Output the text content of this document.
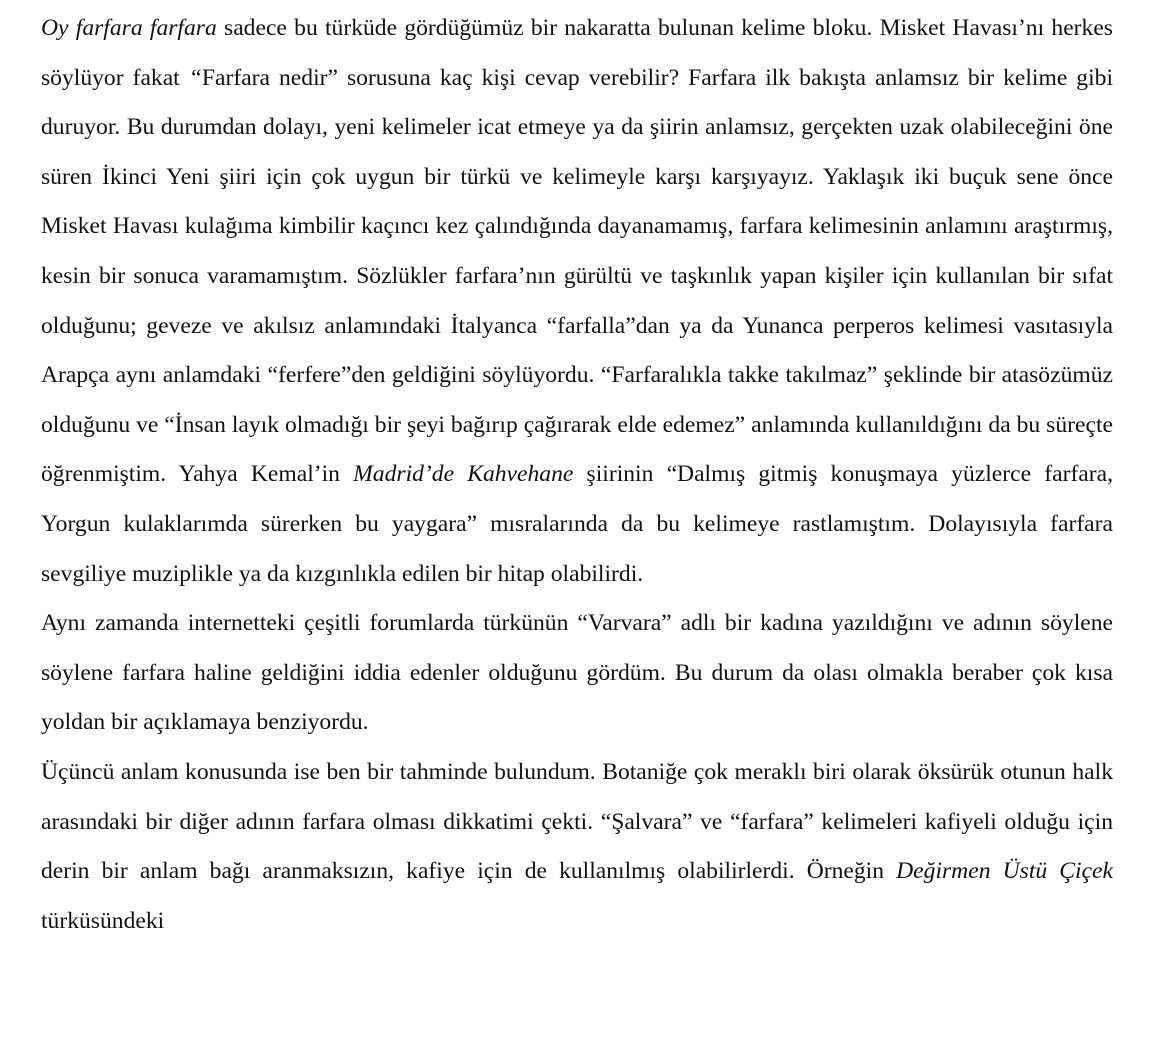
Oy farfara farfara sadece bu türküde gördüğümüz bir nakaratta bulunan kelime bloku. Misket Havası’nı herkes söylüyor fakat “Farfara nedir” sorusuna kaç kişi cevap verebilir? Farfara ilk bakışta anlamsız bir kelime gibi duruyor. Bu durumdan dolayı, yeni kelimeler icat etmeye ya da şiirin anlamsız, gerçekten uzak olabileceğini öne süren İkinci Yeni şiiri için çok uygun bir türkü ve kelimeyle karşı karşıyayız. Yaklaşık iki buçuk sene önce Misket Havası kulağıma kimbilir kaçıncı kez çalındığında dayanamamış, farfara kelimesinin anlamını araştırmış, kesin bir sonuca varamamıştım. Sözlükler farfara’nın gürültü ve taşkınlık yapan kişiler için kullanılan bir sıfat olduğunu; geveze ve akılsız anlamındaki İtalyanca “farfalla”dan ya da Yunanca perperos kelimesi vasıtasıyla Arapça aynı anlamdaki “ferfere”den geldiğini söylüyordu. “Farfaralıkla takke takılmaz” şeklinde bir atasözümüz olduğunu ve “İnsan layık olmadığı bir şeyi bağırıp çağırarak elde edemez” anlamında kullanıldığını da bu süreçte öğrenmiştim. Yahya Kemal’in Madrid’de Kahvehane şiirinin “Dalmış gitmiş konuşmaya yüzlerce farfara, Yorgun kulaklarımda sürerken bu yaygara” mısralarında da bu kelimeye rastlamıştım. Dolayısıyla farfara sevgiliye muziplikle ya da kızgınlıkla edilen bir hitap olabilirdi.

Aynı zamanda internetteki çeşitli forumlarda türkünün “Varvara” adlı bir kadına yazıldığını ve adının söylene söylene farfara haline geldiğini iddia edenler olduğunu gördüm. Bu durum da olası olmakla beraber çok kısa yoldan bir açıklamaya benziyordu.

Üçüncü anlam konusunda ise ben bir tahminde bulundum. Botaniğe çok meraklı biri olarak öksürük otunun halk arasındaki bir diğer adının farfara olması dikkatimi çekti. “Şalvara” ve “farfara” kelimeleri kafiyeli olduğu için derin bir anlam bağı aranmaksızın, kafiye için de kullanılmış olabilirlerdi. Örneğin Değirmen Üstü Çiçek türküsündeki
